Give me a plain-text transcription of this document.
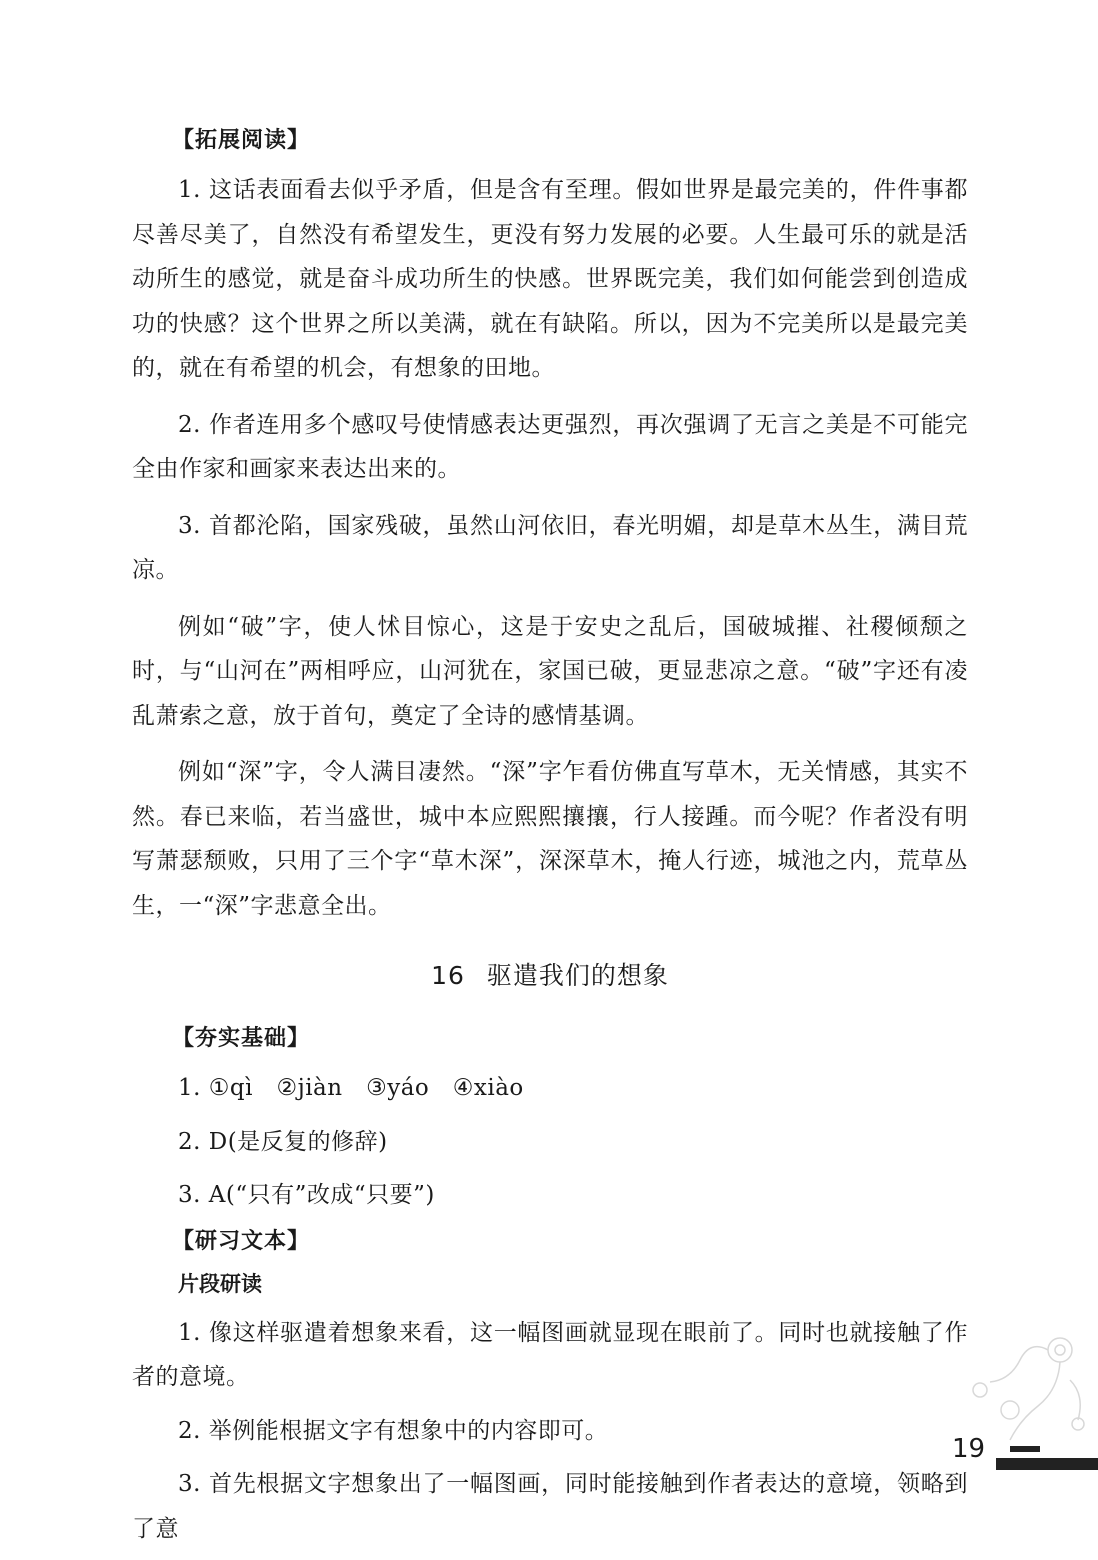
【拓展阅读】

1. 这话表面看去似乎矛盾，但是含有至理。假如世界是最完美的，件件事都尽善尽美了，自然没有希望发生，更没有努力发展的必要。人生最可乐的就是活动所生的感觉，就是奋斗成功所生的快感。世界既完美，我们如何能尝到创造成功的快感？这个世界之所以美满，就在有缺陷。所以，因为不完美所以是最完美的，就在有希望的机会，有想象的田地。

2. 作者连用多个感叹号使情感表达更强烈，再次强调了无言之美是不可能完全由作家和画家来表达出来的。

3. 首都沦陷，国家残破，虽然山河依旧，春光明媚，却是草木丛生，满目荒凉。

例如“破”字，使人怵目惊心，这是于安史之乱后，国破城摧、社稷倾颓之时，与“山河在”两相呼应，山河犹在，家国已破，更显悲凉之意。“破”字还有凌乱萧索之意，放于首句，奠定了全诗的感情基调。

例如“深”字，令人满目凄然。“深”字乍看仿佛直写草木，无关情感，其实不然。春已来临，若当盛世，城中本应熙熙攘攘，行人接踵。而今呢？作者没有明写萧瑟颓败，只用了三个字“草木深”，深深草木，掩人行迹，城池之内，荒草丛生，一“深”字悲意全出。

16 驱遣我们的想象
【夯实基础】

1. ①qì　②jiàn　③yáo　④xiào

2. D(是反复的修辞)

3. A(“只有”改成“只要”)

【研习文本】
片段研读

1. 像这样驱遣着想象来看，这一幅图画就显现在眼前了。同时也就接触了作者的意境。

2. 举例能根据文字有想象中的内容即可。

3. 首先根据文字想象出了一幅图画，同时能接触到作者表达的意境，领略到了意

19
